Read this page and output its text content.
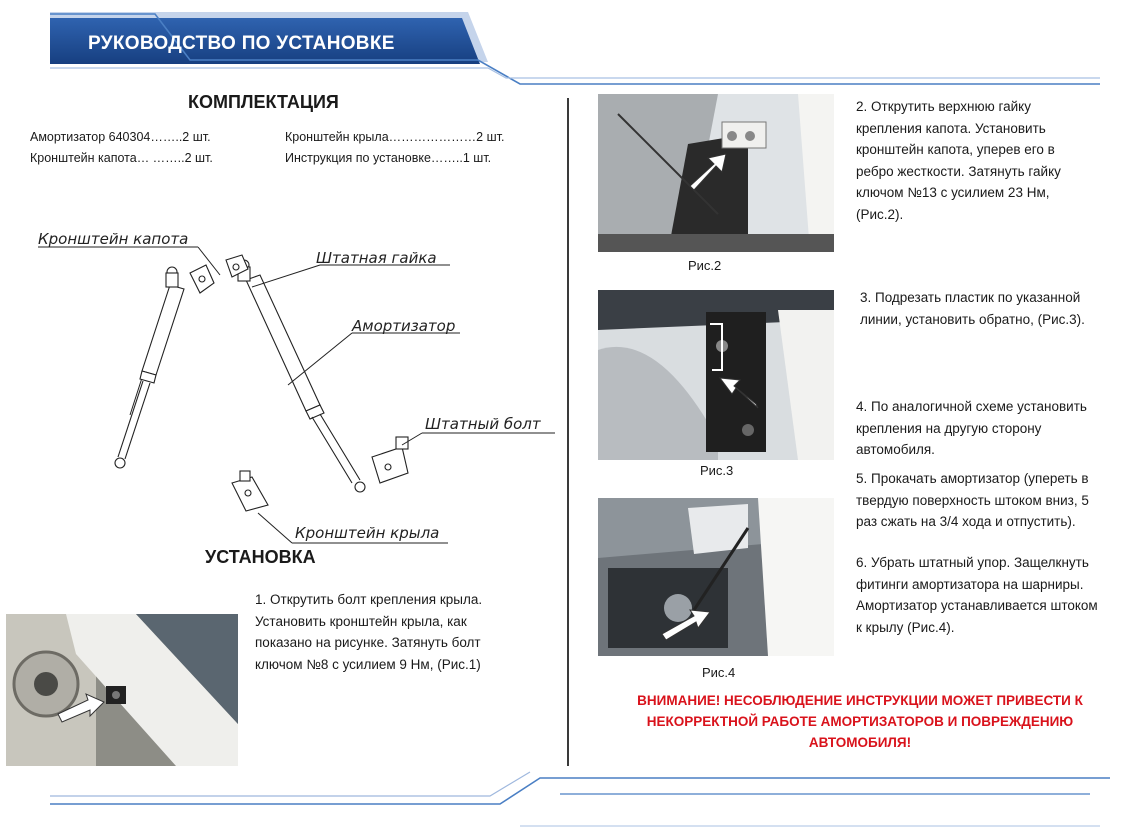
РУКОВОДСТВО ПО УСТАНОВКЕ
КОМПЛЕКТАЦИЯ
Амортизатор 640304……..2 шт.	Кронштейн крыла…………………2 шт.
Кронштейн капота… ……..2 шт.	Инструкция по установке……..1 шт.
Кронштейн капота
Штатная гайка
Амортизатор
Штатный болт
Кронштейн крыла
УСТАНОВКА
1. Открутить болт крепления крыла.
Установить кронштейн крыла, как
показано на рисунке. Затянуть болт
ключом №8 с усилием 9 Нм, (Рис.1)
Рис.2
2. Открутить верхнюю гайку
крепления капота. Установить
кронштейн капота, уперев его в
ребро жесткости. Затянуть гайку
ключом №13 с усилием 23 Нм,
(Рис.2).
Рис.3
3. Подрезать пластик по указанной
линии, установить обратно, (Рис.3).
4. По аналогичной схеме установить
крепления на другую сторону
автомобиля.
Рис.4
5. Прокачать амортизатор (упереть в
твердую поверхность штоком вниз, 5
раз сжать на 3/4 хода и отпустить).
6. Убрать штатный упор. Защелкнуть
фитинги амортизатора на шарниры.
Амортизатор устанавливается штоком
к крылу (Рис.4).
ВНИМАНИЕ! НЕСОБЛЮДЕНИЕ ИНСТРУКЦИИ МОЖЕТ ПРИВЕСТИ К
НЕКОРРЕКТНОЙ РАБОТЕ АМОРТИЗАТОРОВ И ПОВРЕЖДЕНИЮ
АВТОМОБИЛЯ!
